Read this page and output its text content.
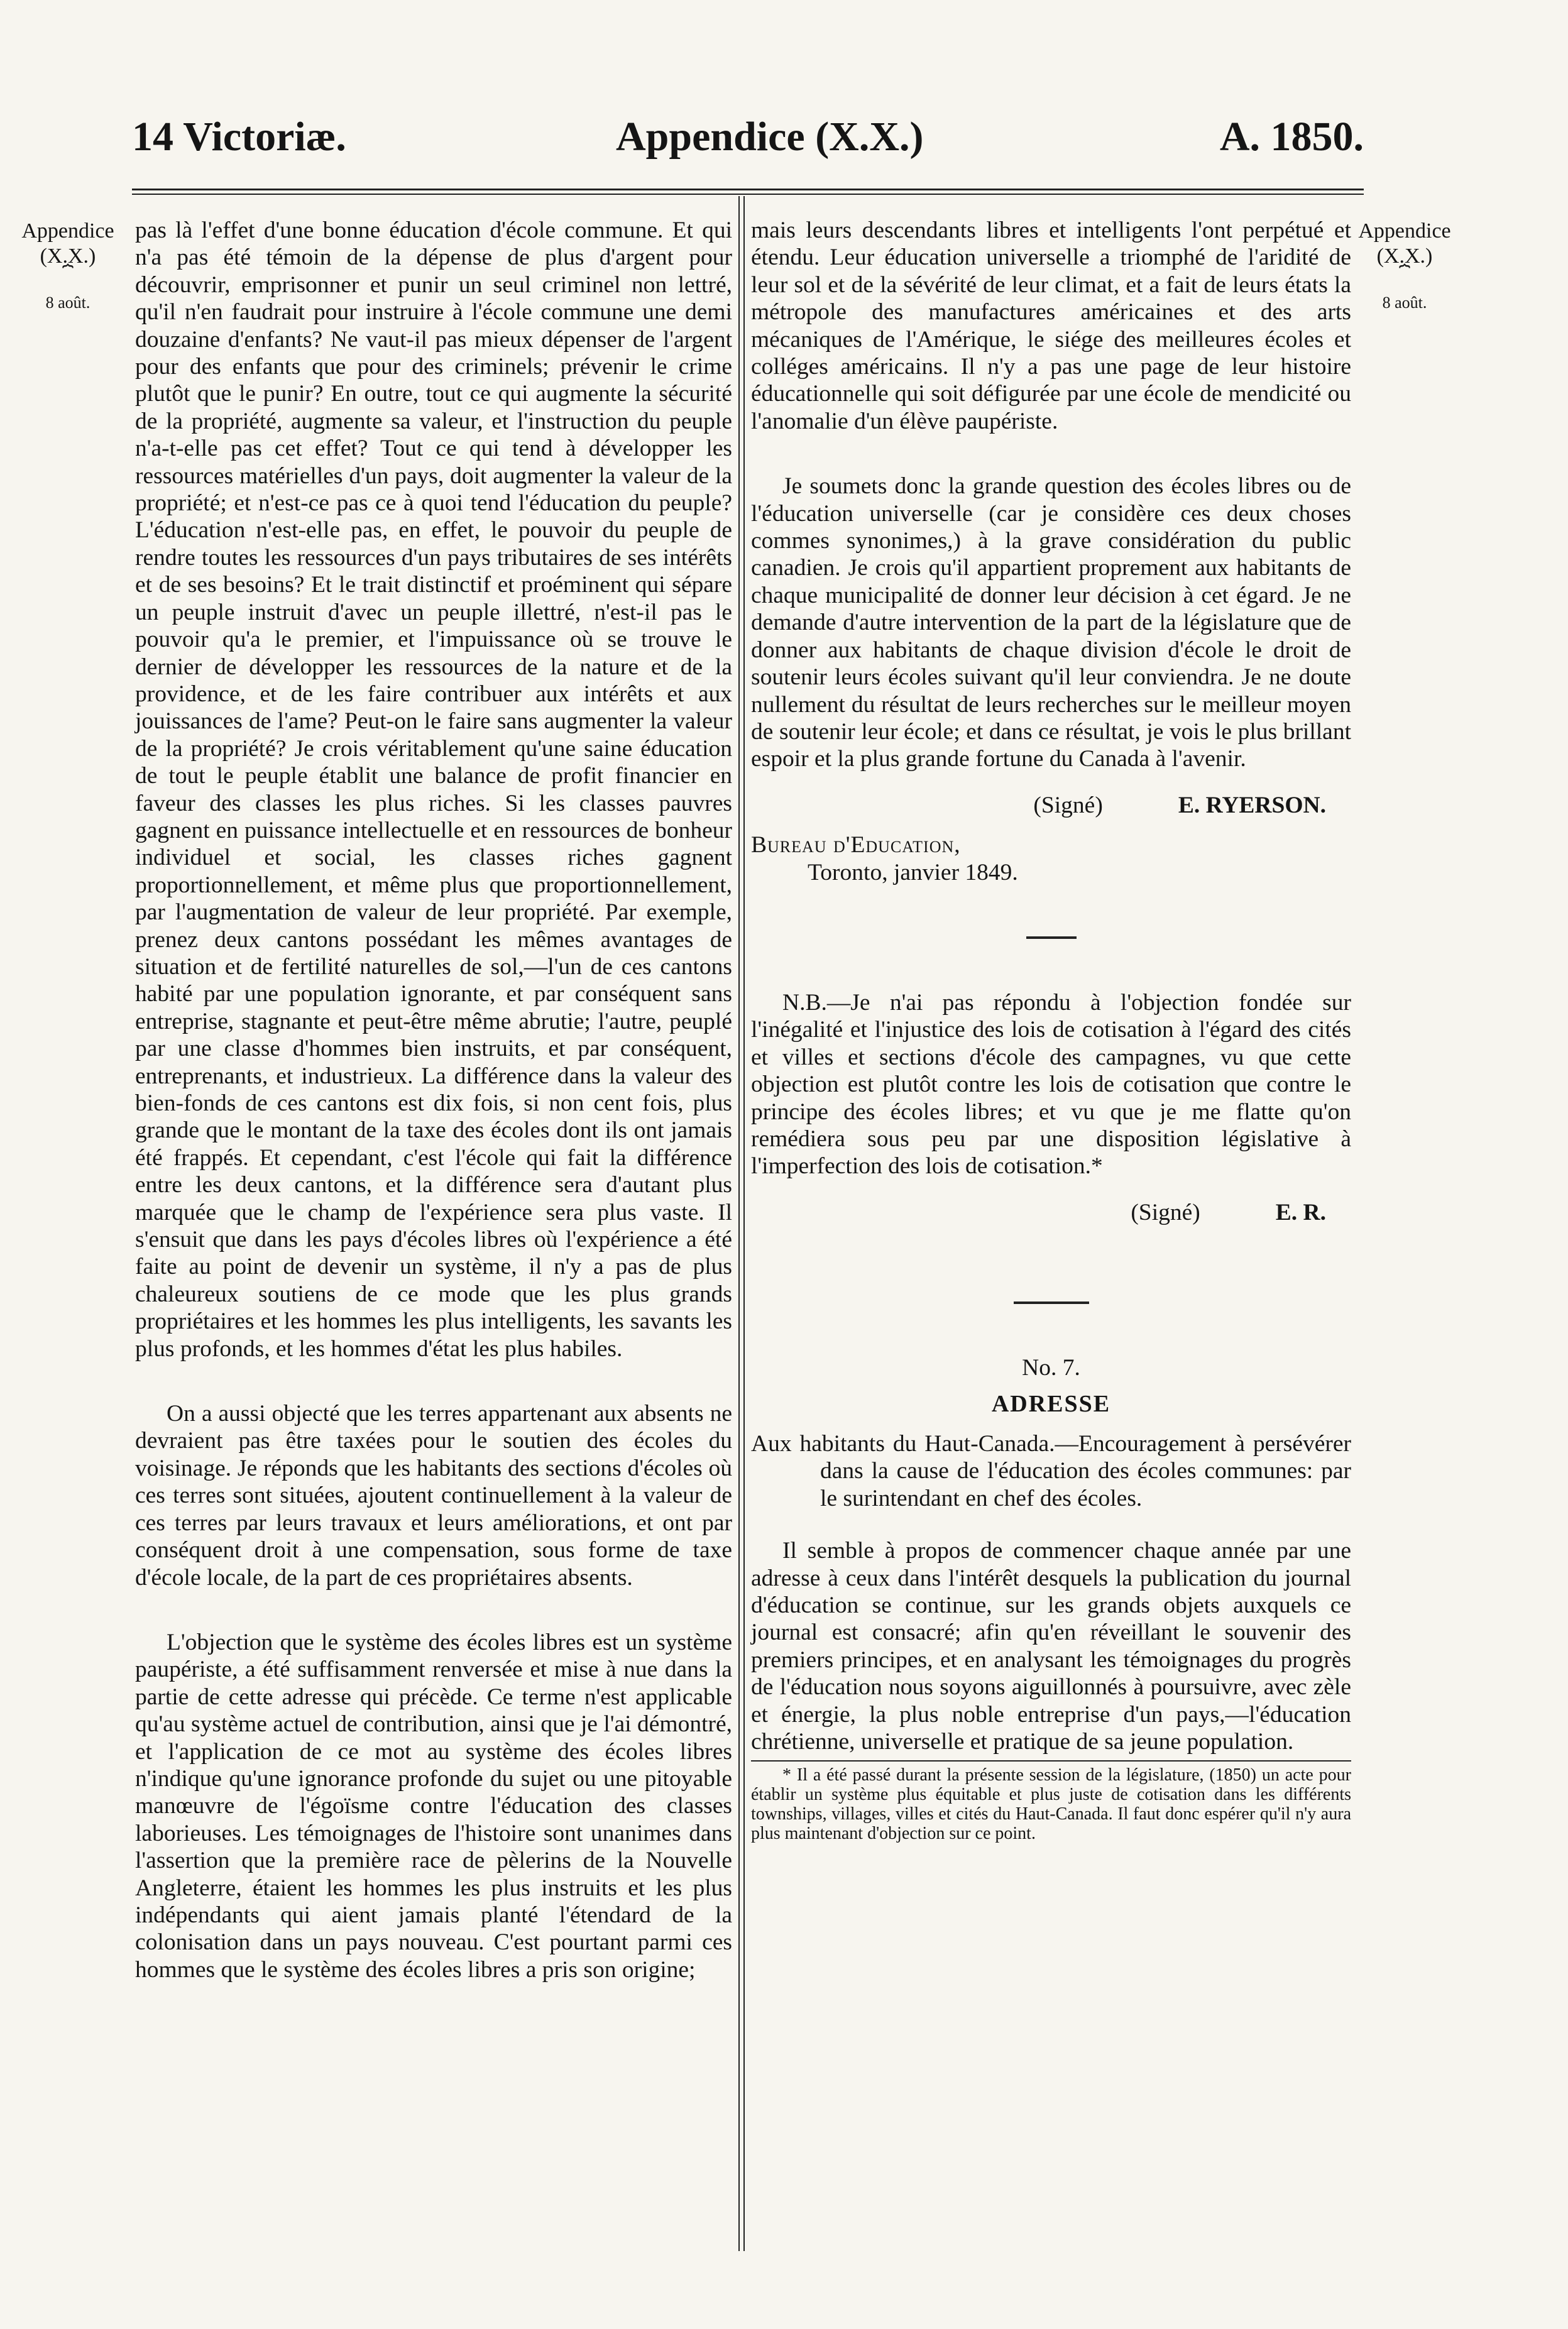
14 Victoriæ.	Appendice (X.X.)	A. 1850.
Appendice
(X.X.)
⏞
8 août.
Appendice
(X.X.)
⏞
8 août.

pas là l'effet d'une bonne éducation d'école commune. Et qui n'a pas été témoin de la dépense de plus d'argent pour découvrir, emprisonner et punir un seul criminel non lettré, qu'il n'en faudrait pour instruire à l'école commune une demi douzaine d'enfants? Ne vaut-il pas mieux dépenser de l'argent pour des enfants que pour des criminels; prévenir le crime plutôt que le punir? En outre, tout ce qui augmente la sécurité de la propriété, augmente sa valeur, et l'instruction du peuple n'a-t-elle pas cet effet? Tout ce qui tend à développer les ressources matérielles d'un pays, doit augmenter la valeur de la propriété; et n'est-ce pas ce à quoi tend l'éducation du peuple? L'éducation n'est-elle pas, en effet, le pouvoir du peuple de rendre toutes les ressources d'un pays tributaires de ses intérêts et de ses besoins? Et le trait distinctif et proéminent qui sépare un peuple instruit d'avec un peuple illettré, n'est-il pas le pouvoir qu'a le premier, et l'impuissance où se trouve le dernier de développer les ressources de la nature et de la providence, et de les faire contribuer aux intérêts et aux jouissances de l'ame? Peut-on le faire sans augmenter la valeur de la propriété? Je crois véritablement qu'une saine éducation de tout le peuple établit une balance de profit financier en faveur des classes les plus riches. Si les classes pauvres gagnent en puissance intellectuelle et en ressources de bonheur individuel et social, les classes riches gagnent proportionnellement, et même plus que proportionnellement, par l'augmentation de valeur de leur propriété. Par exemple, prenez deux cantons possédant les mêmes avantages de situation et de fertilité naturelles de sol,—l'un de ces cantons habité par une population ignorante, et par conséquent sans entreprise, stagnante et peut-être même abrutie; l'autre, peuplé par une classe d'hommes bien instruits, et par conséquent, entreprenants, et industrieux. La différence dans la valeur des bien-fonds de ces cantons est dix fois, si non cent fois, plus grande que le montant de la taxe des écoles dont ils ont jamais été frappés. Et cependant, c'est l'école qui fait la différence entre les deux cantons, et la différence sera d'autant plus marquée que le champ de l'expérience sera plus vaste. Il s'ensuit que dans les pays d'écoles libres où l'expérience a été faite au point de devenir un système, il n'y a pas de plus chaleureux soutiens de ce mode que les plus grands propriétaires et les hommes les plus intelligents, les savants les plus profonds, et les hommes d'état les plus habiles.

On a aussi objecté que les terres appartenant aux absents ne devraient pas être taxées pour le soutien des écoles du voisinage. Je réponds que les habitants des sections d'écoles où ces terres sont situées, ajoutent continuellement à la valeur de ces terres par leurs travaux et leurs améliorations, et ont par conséquent droit à une compensation, sous forme de taxe d'école locale, de la part de ces propriétaires absents.

L'objection que le système des écoles libres est un système paupériste, a été suffisamment renversée et mise à nue dans la partie de cette adresse qui précède. Ce terme n'est applicable qu'au système actuel de contribution, ainsi que je l'ai démontré, et l'application de ce mot au système des écoles libres n'indique qu'une ignorance profonde du sujet ou une pitoyable manœuvre de l'égoïsme contre l'éducation des classes laborieuses. Les témoignages de l'histoire sont unanimes dans l'assertion que la première race de pèlerins de la Nouvelle Angleterre, étaient les hommes les plus instruits et les plus indépendants qui aient jamais planté l'étendard de la colonisation dans un pays nouveau. C'est pourtant parmi ces hommes que le système des écoles libres a pris son origine;

mais leurs descendants libres et intelligents l'ont perpétué et étendu. Leur éducation universelle a triomphé de l'aridité de leur sol et de la sévérité de leur climat, et a fait de leurs états la métropole des manufactures américaines et des arts mécaniques de l'Amérique, le siége des meilleures écoles et colléges américains. Il n'y a pas une page de leur histoire éducationnelle qui soit défigurée par une école de mendicité ou l'anomalie d'un élève paupériste.

Je soumets donc la grande question des écoles libres ou de l'éducation universelle (car je considère ces deux choses commes synonimes,) à la grave considération du public canadien. Je crois qu'il appartient proprement aux habitants de chaque municipalité de donner leur décision à cet égard. Je ne demande d'autre intervention de la part de la législature que de donner aux habitants de chaque division d'école le droit de soutenir leurs écoles suivant qu'il leur conviendra. Je ne doute nullement du résultat de leurs recherches sur le meilleur moyen de soutenir leur école; et dans ce résultat, je vois le plus brillant espoir et la plus grande fortune du Canada à l'avenir.

(Signé)	E. RYERSON.
Bureau d'Education,
Toronto, janvier 1849.

N.B.—Je n'ai pas répondu à l'objection fondée sur l'inégalité et l'injustice des lois de cotisation à l'égard des cités et villes et sections d'école des campagnes, vu que cette objection est plutôt contre les lois de cotisation que contre le principe des écoles libres; et vu que je me flatte qu'on remédiera sous peu par une disposition législative à l'imperfection des lois de cotisation.*

(Signé)	E. R.
No. 7.
ADRESSE

Aux habitants du Haut-Canada.—Encouragement à persévérer dans la cause de l'éducation des écoles communes: par le surintendant en chef des écoles.

Il semble à propos de commencer chaque année par une adresse à ceux dans l'intérêt desquels la publication du journal d'éducation se continue, sur les grands objets auxquels ce journal est consacré; afin qu'en réveillant le souvenir des premiers principes, et en analysant les témoignages du progrès de l'éducation nous soyons aiguillonnés à poursuivre, avec zèle et énergie, la plus noble entreprise d'un pays,—l'éducation chrétienne, universelle et pratique de sa jeune population.

* Il a été passé durant la présente session de la législature, (1850) un acte pour établir un système plus équitable et plus juste de cotisation dans les différents townships, villages, villes et cités du Haut-Canada. Il faut donc espérer qu'il n'y aura plus maintenant d'objection sur ce point.
